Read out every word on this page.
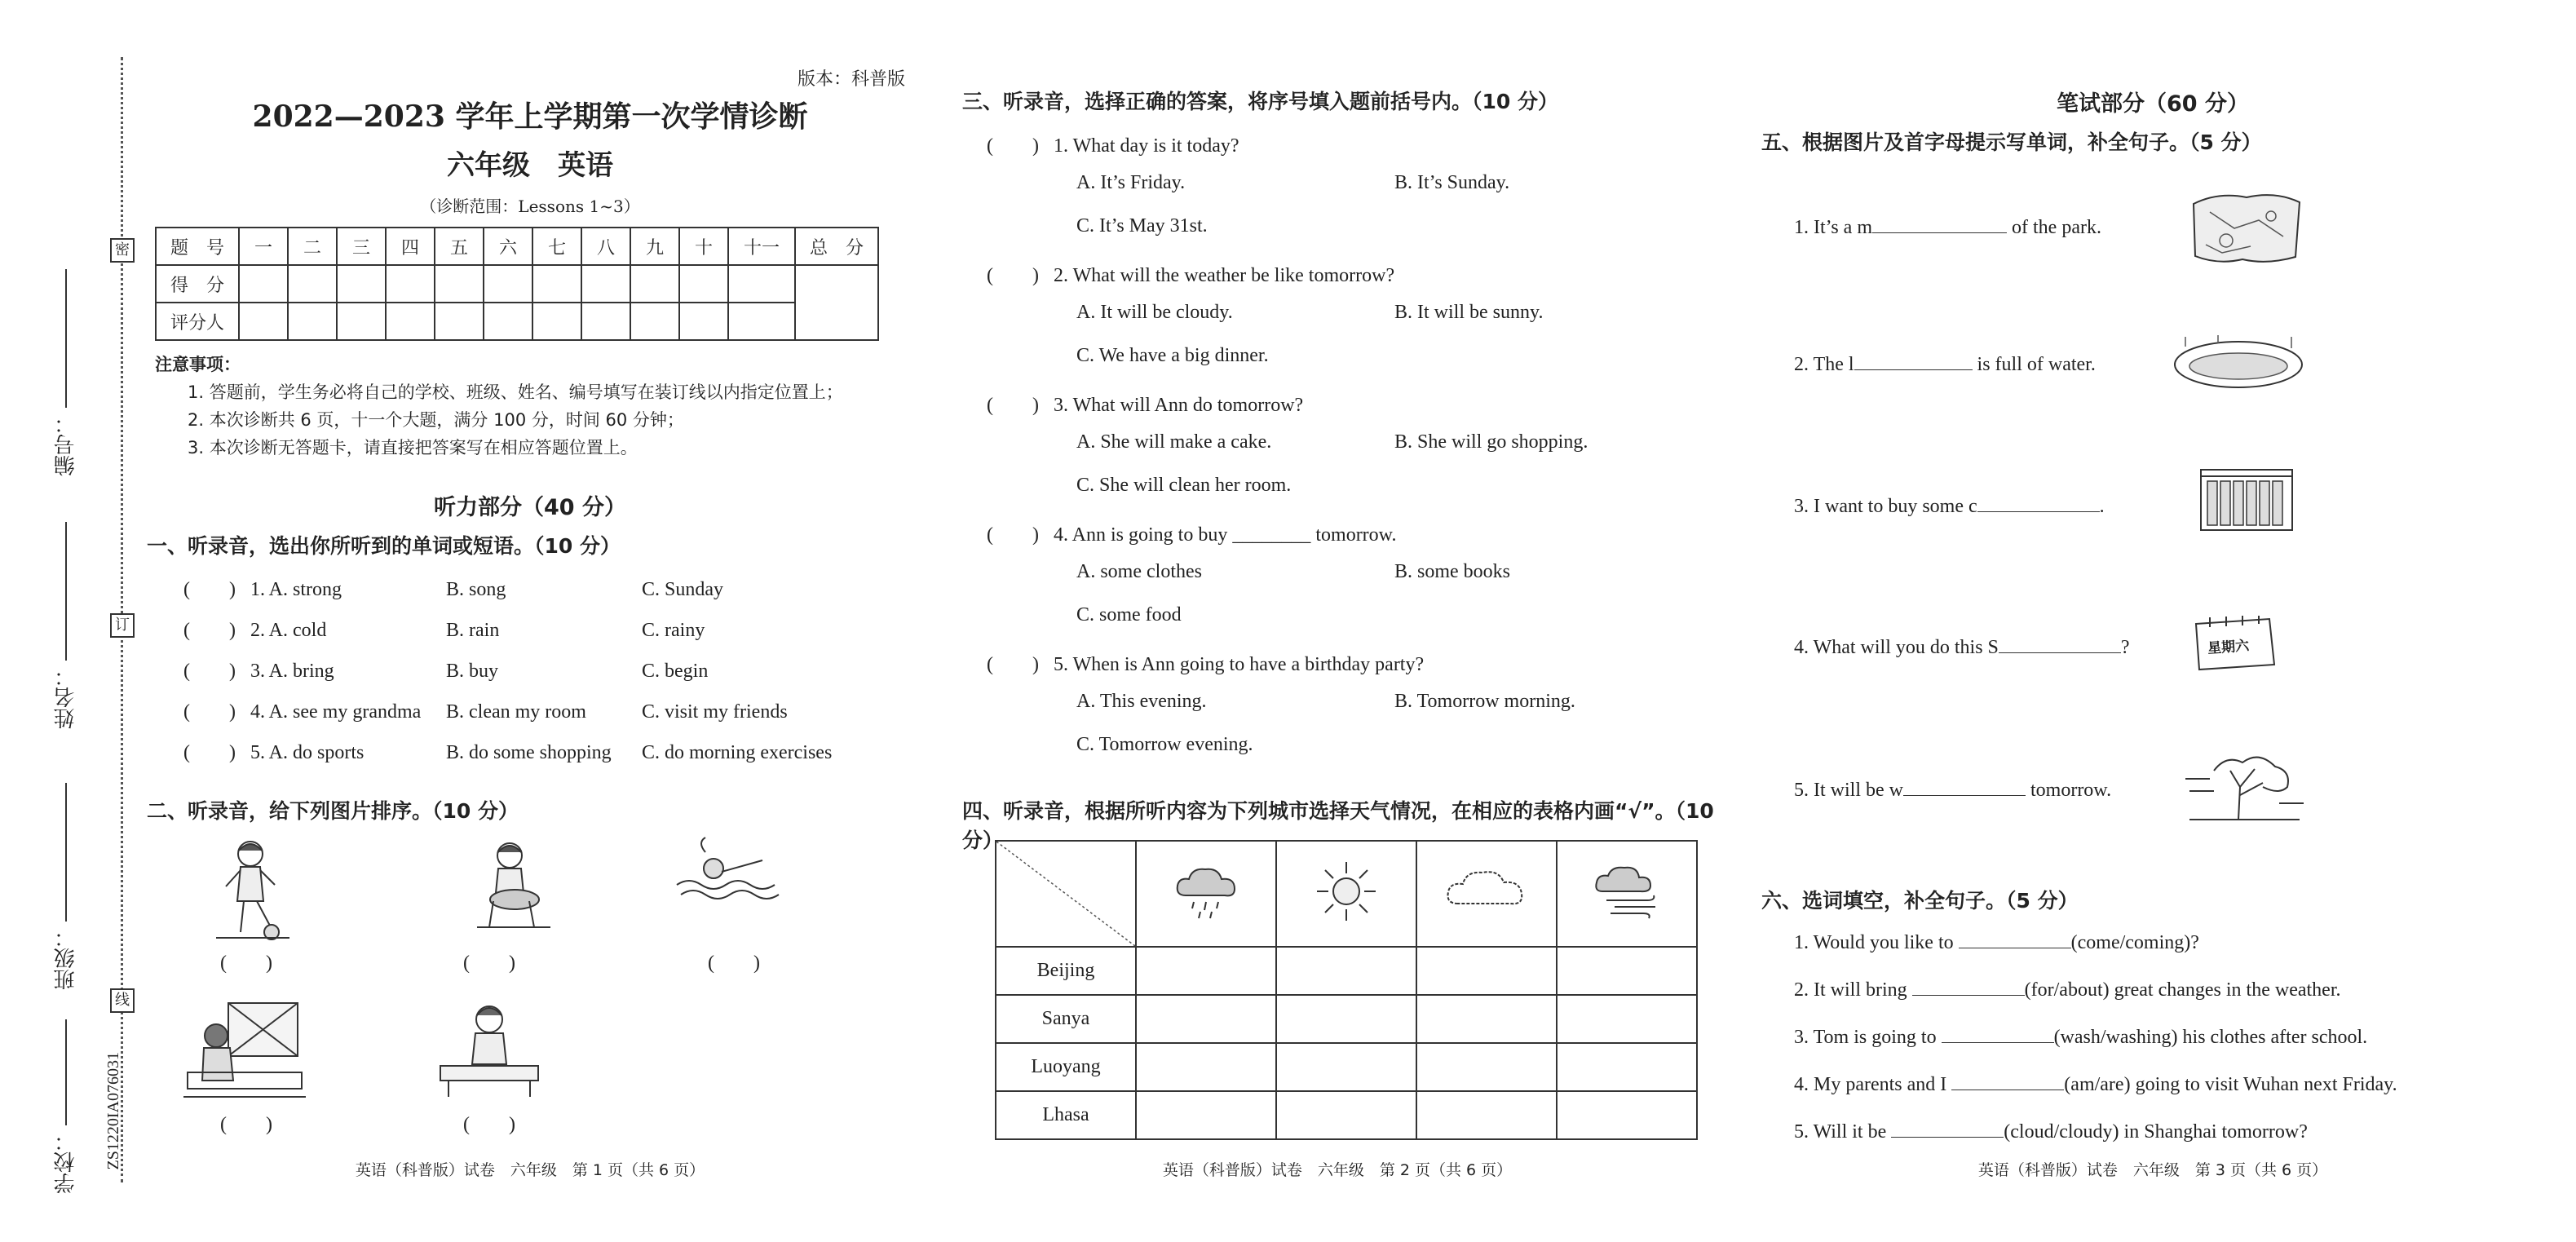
编号：
姓名：
班级：
学校：
密
订
线
ZS1220IA076031
版本：科普版
2022—2023 学年上学期第一次学情诊断
六年级　英语
（诊断范围：Lessons 1~3）
题　号	一	二	三	四	五	六	七	八	九	十	十一	总　分
得　分												
评分人												
注意事项：
1. 答题前，学生务必将自己的学校、班级、姓名、编号填写在装订线以内指定位置上；
2. 本次诊断共 6 页，十一个大题，满分 100 分，时间 60 分钟；
3. 本次诊断无答题卡，请直接把答案写在相应答题位置上。
听力部分（40 分）
一、听录音，选出你所听到的单词或短语。（10 分）
(　　) 1. A. strong	B. song	C. Sunday
(　　) 2. A. cold	B. rain	C. rainy
(　　) 3. A. bring	B. buy	C. begin
(　　) 4. A. see my grandma B. clean my room	C. visit my friends
(　　) 5. A. do sports	B. do some shopping C. do morning exercises
二、听录音，给下列图片排序。（10 分）
(　　)	(　　)	(　　)
(　　)	(　　)
英语（科普版）试卷　六年级　第 1 页（共 6 页）
三、听录音，选择正确的答案，将序号填入题前括号内。（10 分）
(　　) 1. What day is it today?
A. It’s Friday.	B. It’s Sunday.
C. It’s May 31st.
(　　) 2. What will the weather be like tomorrow?
A. It will be cloudy.	B. It will be sunny.
C. We have a big dinner.
(　　) 3. What will Ann do tomorrow?
A. She will make a cake.	B. She will go shopping.
C. She will clean her room.
(　　) 4. Ann is going to buy ________ tomorrow.
A. some clothes	B. some books
C. some food
(　　) 5. When is Ann going to have a birthday party?
A. This evening.	B. Tomorrow morning.
C. Tomorrow evening.
四、听录音，根据所听内容为下列城市选择天气情况，在相应的表格内画“√”。（10 分）

Beijing				
Sanya				
Luoyang				
Lhasa				
英语（科普版）试卷　六年级　第 2 页（共 6 页）
笔试部分（60 分）
五、根据图片及首字母提示写单词，补全句子。（5 分）
1. It’s a m	of the park.
2. The l	is full of water.
3. I want to buy some c	.
4. What will you do this S	?	星期六
5. It will be w	tomorrow.
六、选词填空，补全句子。（5 分）
1. Would you like to	(come/coming)?
2. It will bring	(for/about) great changes in the weather.
3. Tom is going to	(wash/washing) his clothes after school.
4. My parents and I	(am/are) going to visit Wuhan next Friday.
5. Will it be	(cloud/cloudy) in Shanghai tomorrow?
英语（科普版）试卷　六年级　第 3 页（共 6 页）
